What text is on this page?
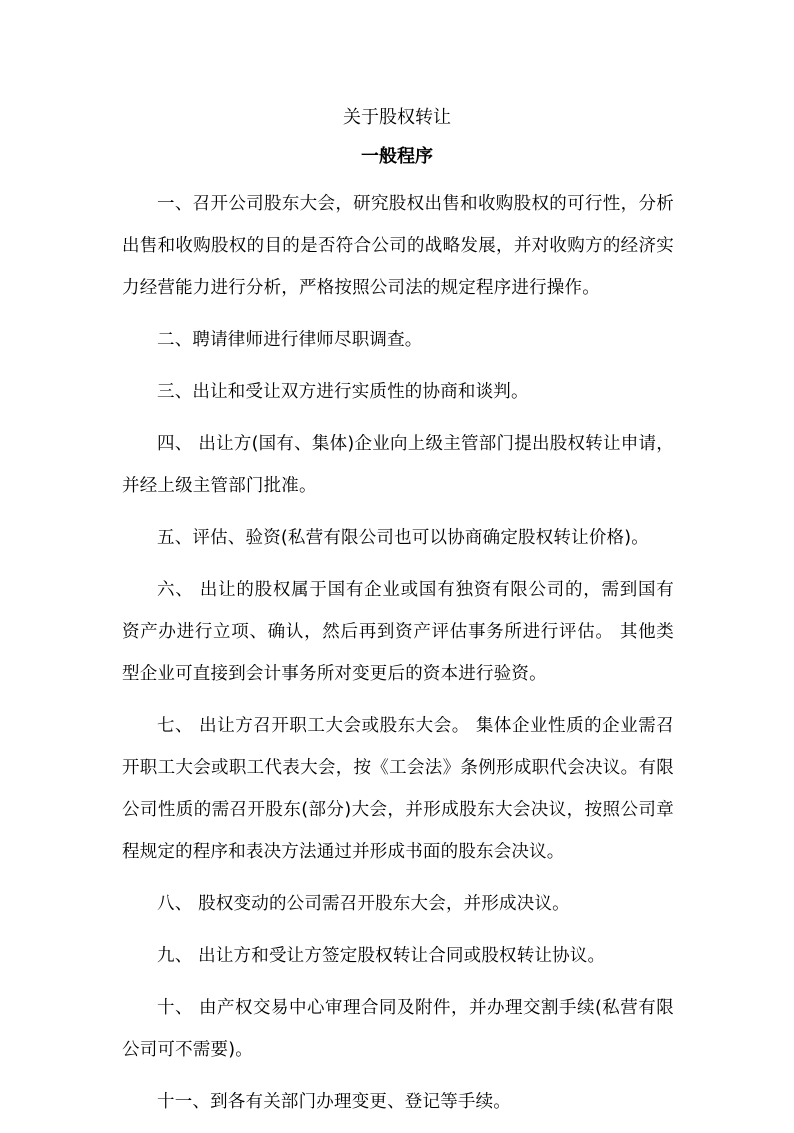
关于股权转让
一般程序

一、召开公司股东大会，研究股权出售和收购股权的可行性，分析出售和收购股权的目的是否符合公司的战略发展，并对收购方的经济实力经营能力进行分析，严格按照公司法的规定程序进行操作。

二、聘请律师进行律师尽职调查。

三、出让和受让双方进行实质性的协商和谈判。

四、 出让方(国有、集体)企业向上级主管部门提出股权转让申请，并经上级主管部门批准。

五、评估、验资(私营有限公司也可以协商确定股权转让价格)。

六、 出让的股权属于国有企业或国有独资有限公司的，需到国有资产办进行立项、确认，然后再到资产评估事务所进行评估。 其他类型企业可直接到会计事务所对变更后的资本进行验资。

七、 出让方召开职工大会或股东大会。 集体企业性质的企业需召开职工大会或职工代表大会，按《工会法》条例形成职代会决议。有限公司性质的需召开股东(部分)大会，并形成股东大会决议，按照公司章程规定的程序和表决方法通过并形成书面的股东会决议。

八、 股权变动的公司需召开股东大会，并形成决议。

九、 出让方和受让方签定股权转让合同或股权转让协议。

十、 由产权交易中心审理合同及附件，并办理交割手续(私营有限公司可不需要)。

十一、到各有关部门办理变更、登记等手续。
